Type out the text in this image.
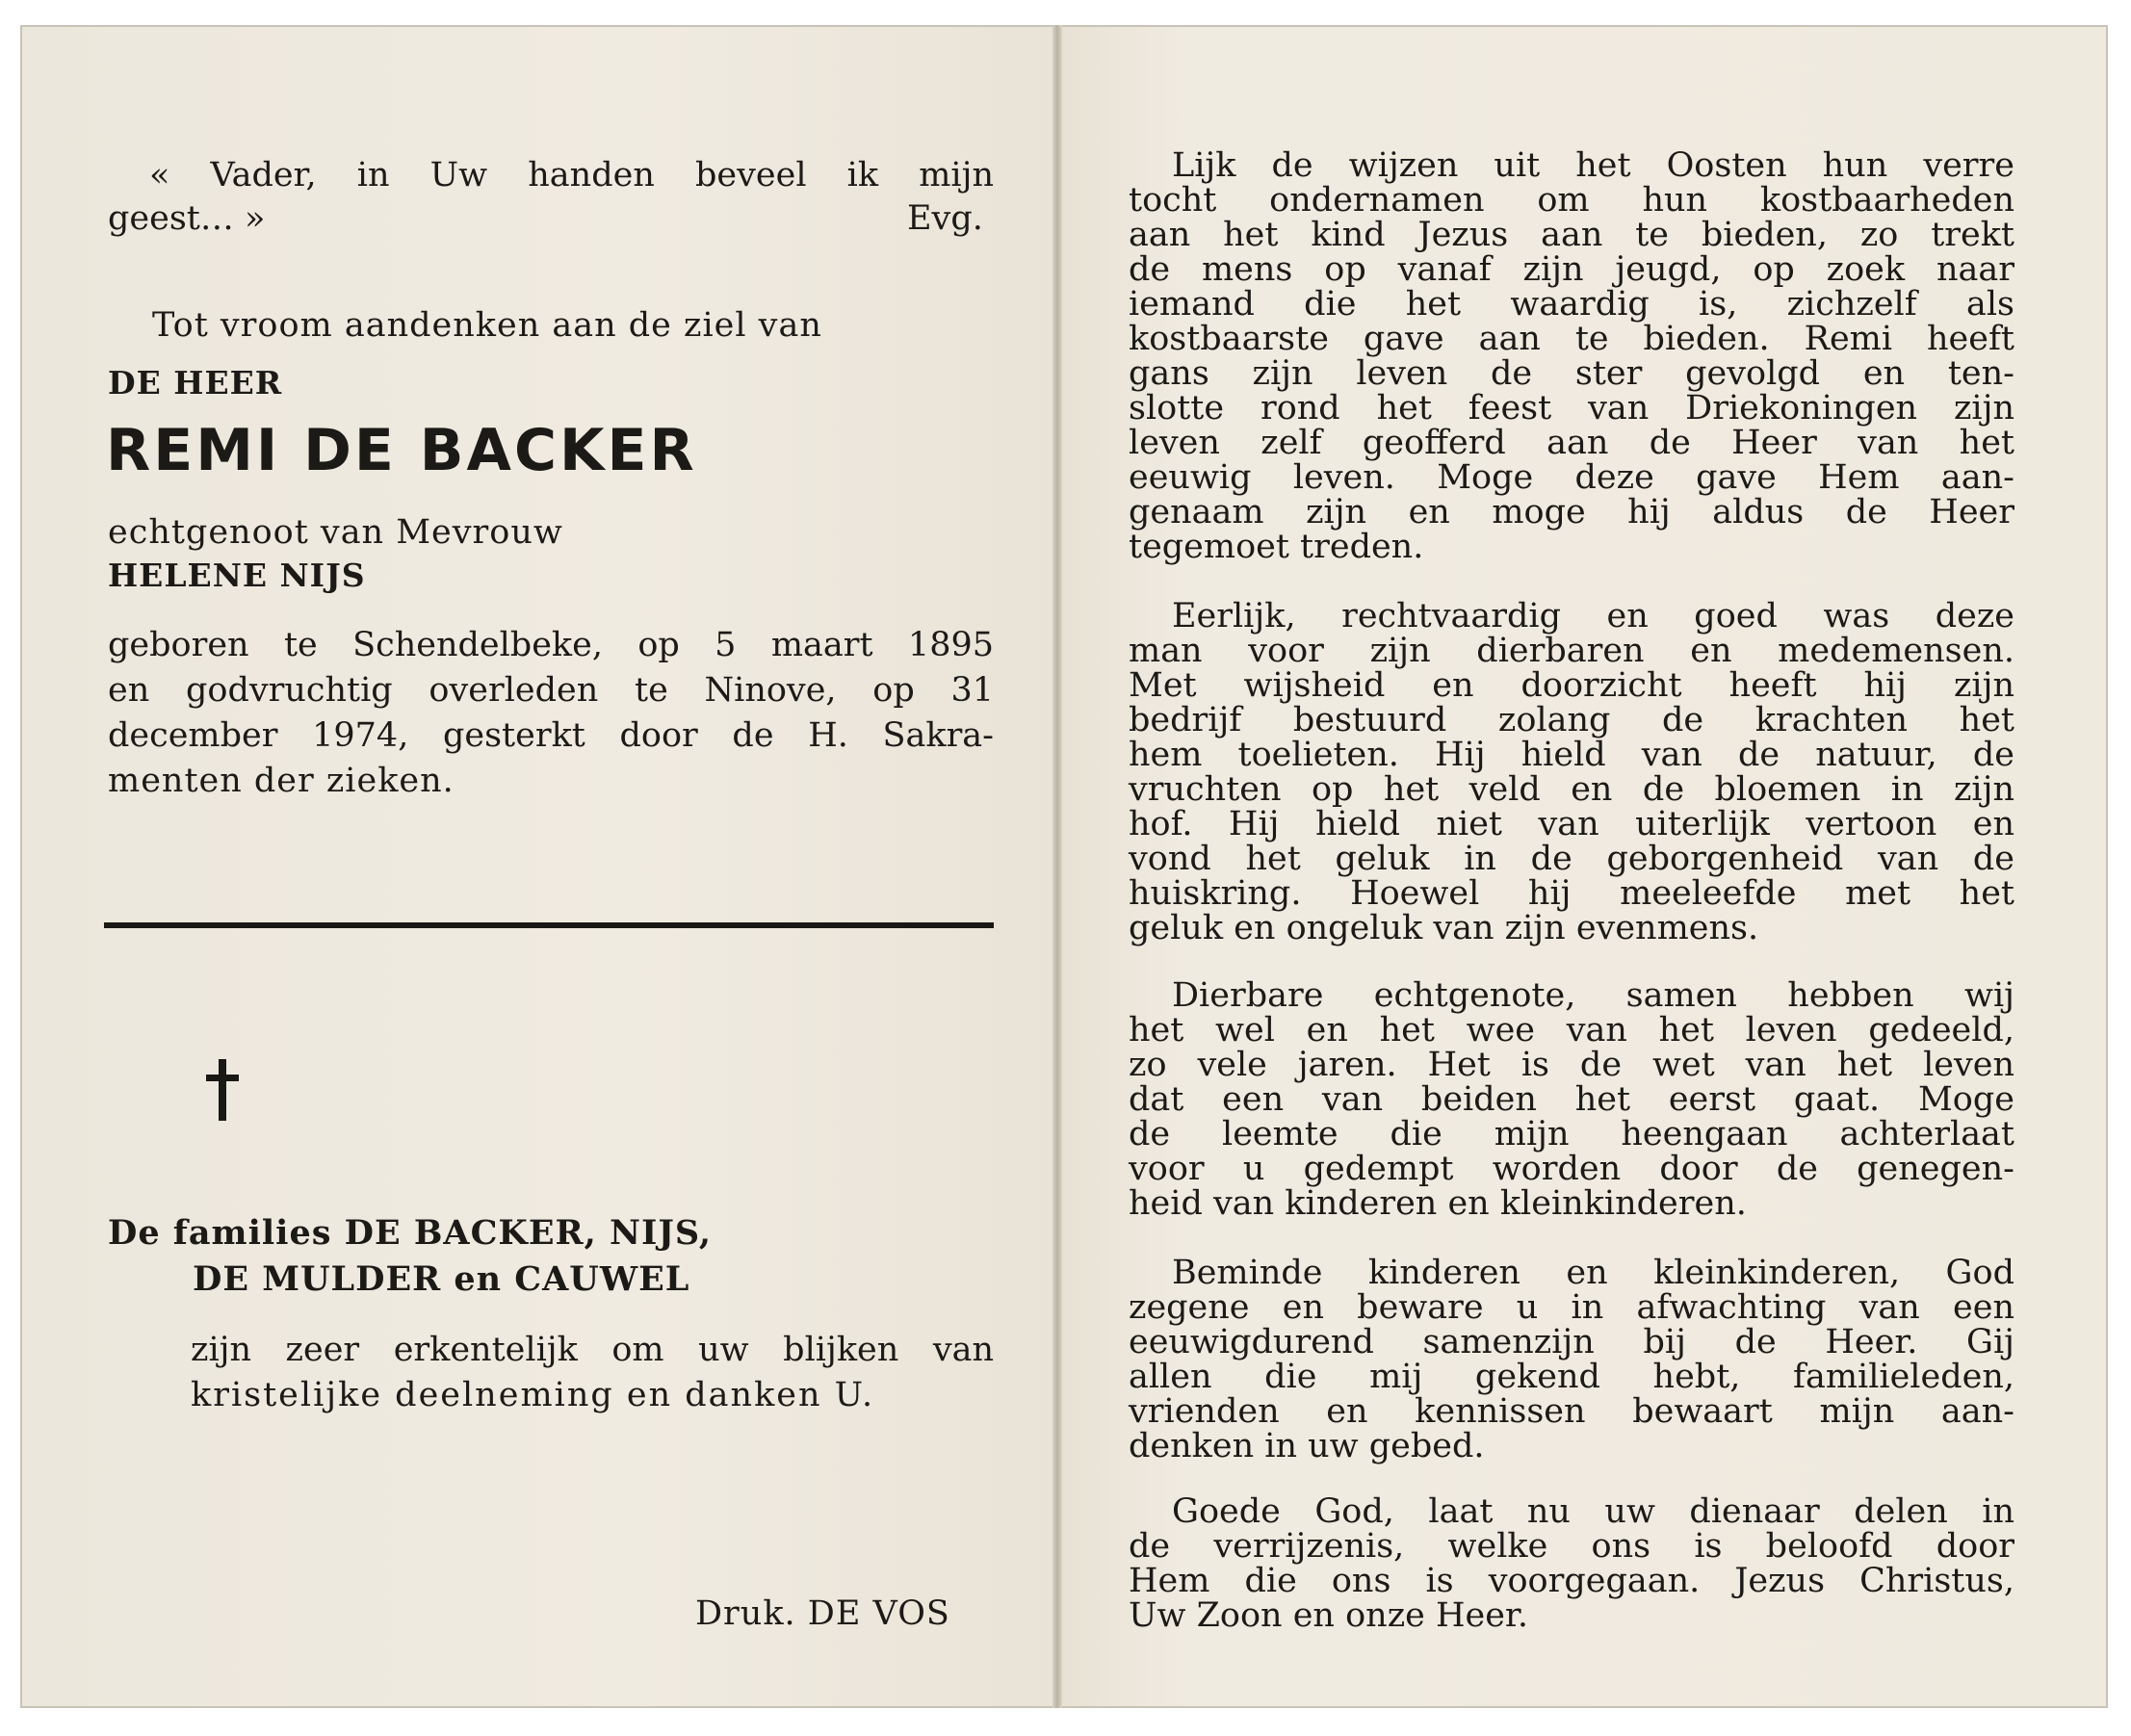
« Vader, in Uw handen beveel ik mijn
geest… »	Evg.
Tot vroom aandenken aan de ziel van
DE HEER
REMI DE BACKER
echtgenoot van Mevrouw
HELENE NIJS
geboren te Schendelbeke, op 5 maart 1895
en godvruchtig overleden te Ninove, op 31
december 1974, gesterkt door de H. Sakra-
menten der zieken.
De families DE BACKER, NIJS,
DE MULDER en CAUWEL
zijn zeer erkentelijk om uw blijken van
kristelijke deelneming en danken U.
Druk. DE VOS
Lijk de wijzen uit het Oosten hun verre
tocht ondernamen om hun kostbaarheden
aan het kind Jezus aan te bieden, zo trekt
de mens op vanaf zijn jeugd, op zoek naar
iemand die het waardig is, zichzelf als
kostbaarste gave aan te bieden. Remi heeft
gans zijn leven de ster gevolgd en ten-
slotte rond het feest van Driekoningen zijn
leven zelf geofferd aan de Heer van het
eeuwig leven. Moge deze gave Hem aan-
genaam zijn en moge hij aldus de Heer
tegemoet treden.
Eerlijk, rechtvaardig en goed was deze
man voor zijn dierbaren en medemensen.
Met wijsheid en doorzicht heeft hij zijn
bedrijf bestuurd zolang de krachten het
hem toelieten. Hij hield van de natuur, de
vruchten op het veld en de bloemen in zijn
hof. Hij hield niet van uiterlijk vertoon en
vond het geluk in de geborgenheid van de
huiskring. Hoewel hij meeleefde met het
geluk en ongeluk van zijn evenmens.
Dierbare echtgenote, samen hebben wij
het wel en het wee van het leven gedeeld,
zo vele jaren. Het is de wet van het leven
dat een van beiden het eerst gaat. Moge
de leemte die mijn heengaan achterlaat
voor u gedempt worden door de genegen-
heid van kinderen en kleinkinderen.
Beminde kinderen en kleinkinderen, God
zegene en beware u in afwachting van een
eeuwigdurend samenzijn bij de Heer. Gij
allen die mij gekend hebt, familieleden,
vrienden en kennissen bewaart mijn aan-
denken in uw gebed.
Goede God, laat nu uw dienaar delen in
de verrijzenis, welke ons is beloofd door
Hem die ons is voorgegaan. Jezus Christus,
Uw Zoon en onze Heer.
